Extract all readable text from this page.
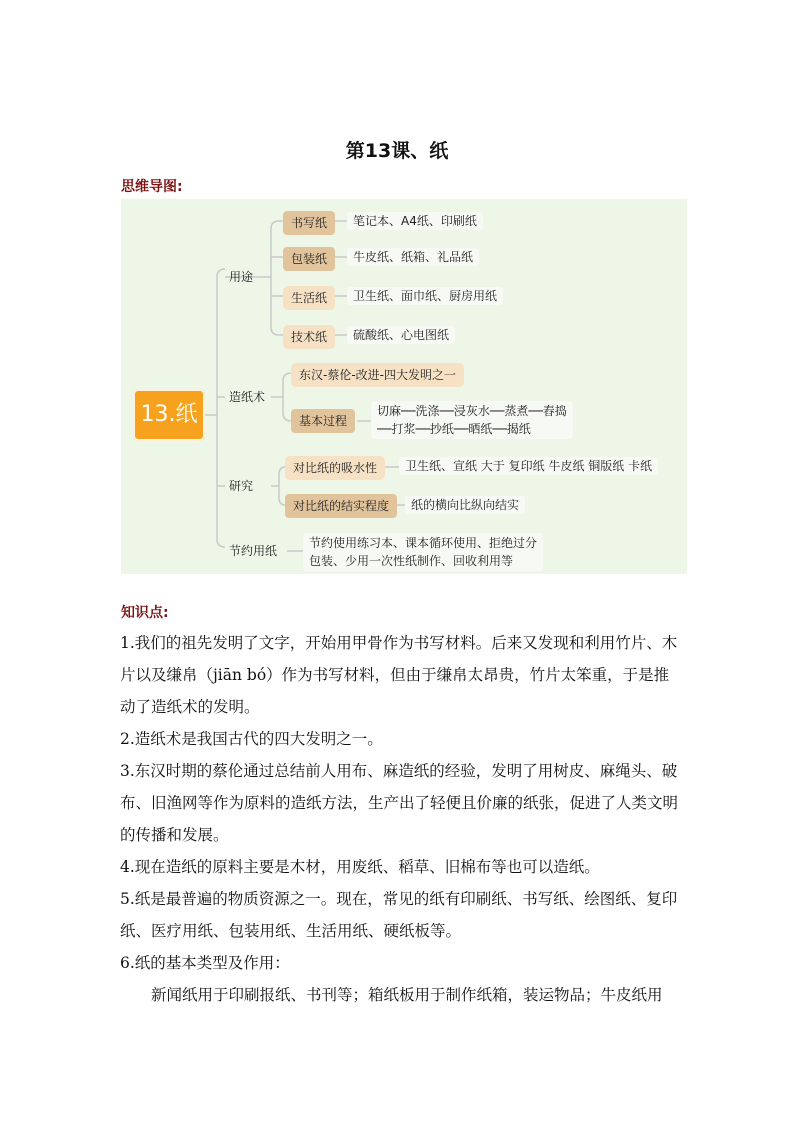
第13课、纸
思维导图:
13.纸
用途
书写纸	笔记本、A4纸、印刷纸
包装纸	牛皮纸、纸箱、礼品纸
生活纸	卫生纸、面巾纸、厨房用纸
技术纸	硫酸纸、心电图纸
造纸术
东汉-蔡伦-改进-四大发明之一
基本过程
切麻──洗涤──浸灰水──蒸煮──舂捣
──打浆──抄纸──晒纸──揭纸
研究
对比纸的吸水性	卫生纸、宣纸 大于 复印纸 牛皮纸 铜版纸 卡纸
对比纸的结实程度	纸的横向比纵向结实
节约用纸
节约使用练习本、课本循环使用、拒绝过分
包装、少用一次性纸制作、回收利用等
知识点:
1.我们的祖先发明了文字，开始用甲骨作为书写材料。后来又发现和利用竹片、木片以及缣帛（jiān bó）作为书写材料，但由于缣帛太昂贵，竹片太笨重，于是推动了造纸术的发明。
2.造纸术是我国古代的四大发明之一。
3.东汉时期的蔡伦通过总结前人用布、麻造纸的经验，发明了用树皮、麻绳头、破布、旧渔网等作为原料的造纸方法，生产出了轻便且价廉的纸张，促进了人类文明的传播和发展。
4.现在造纸的原料主要是木材，用废纸、稻草、旧棉布等也可以造纸。
5.纸是最普遍的物质资源之一。现在，常见的纸有印刷纸、书写纸、绘图纸、复印纸、医疗用纸、包装用纸、生活用纸、硬纸板等。
6.纸的基本类型及作用：
新闻纸用于印刷报纸、书刊等；箱纸板用于制作纸箱，装运物品；牛皮纸用
